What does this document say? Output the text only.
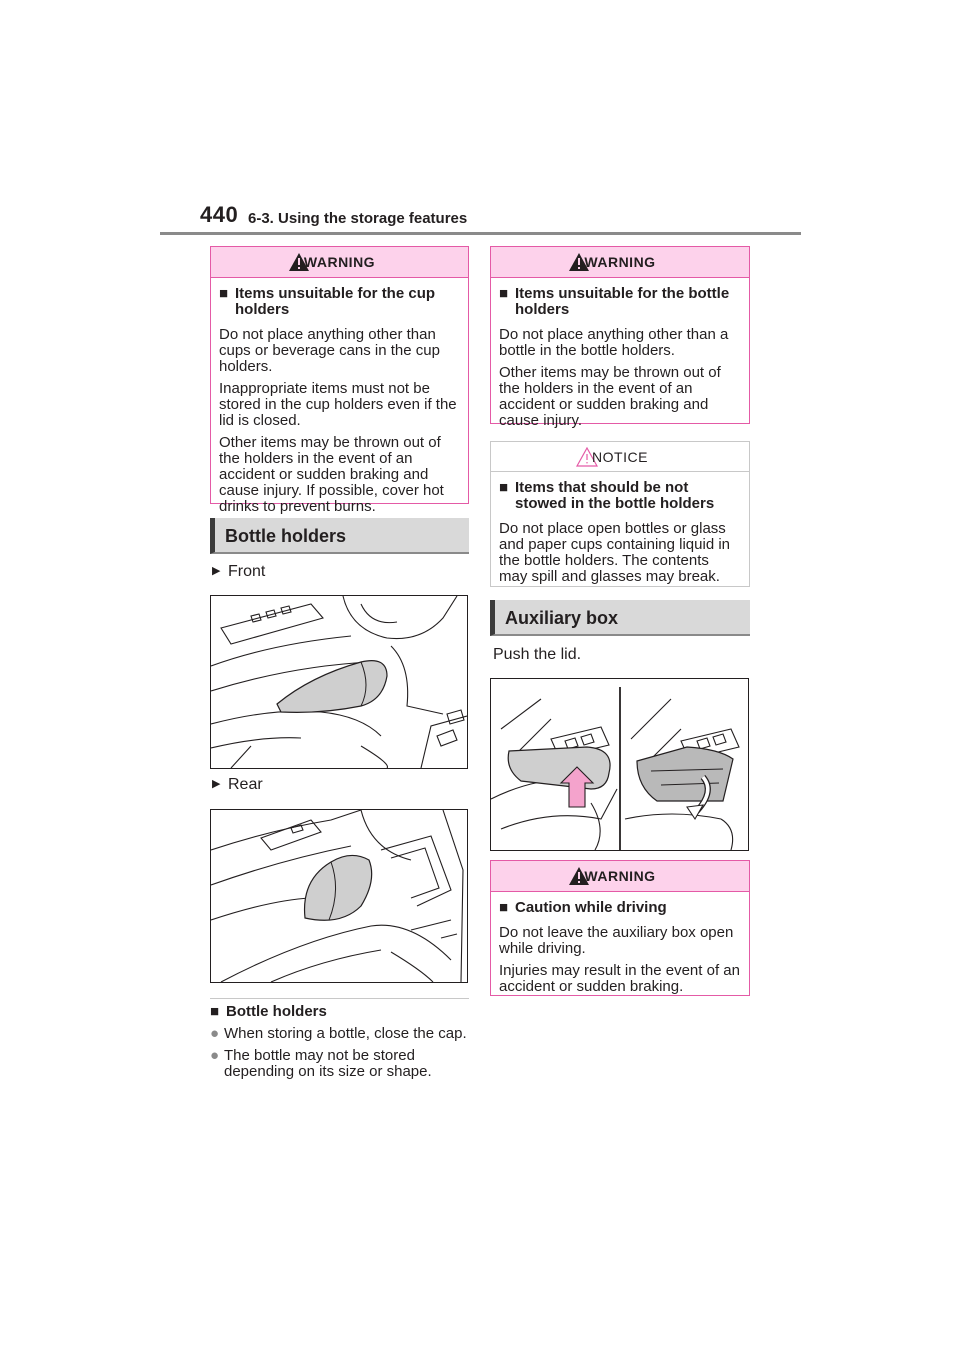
440 6-3. Using the storage features
WARNING
■ Items unsuitable for the cup holders

Do not place anything other than cups or beverage cans in the cup holders.

Inappropriate items must not be stored in the cup holders even if the lid is closed.

Other items may be thrown out of the holders in the event of an accident or sudden braking and cause injury. If possible, cover hot drinks to prevent burns.

Bottle holders
▶ Front
▶ Rear
■ Bottle holders
● When storing a bottle, close the cap.
● The bottle may not be stored depending on its size or shape.
WARNING
■ Items unsuitable for the bottle holders

Do not place anything other than a bottle in the bottle holders.

Other items may be thrown out of the holders in the event of an accident or sudden braking and cause injury.

NOTICE
■ Items that should be not stowed in the bottle holders

Do not place open bottles or glass and paper cups containing liquid in the bottle holders. The contents may spill and glasses may break.

Auxiliary box
Push the lid.
WARNING
■ Caution while driving

Do not leave the auxiliary box open while driving.

Injuries may result in the event of an accident or sudden braking.
